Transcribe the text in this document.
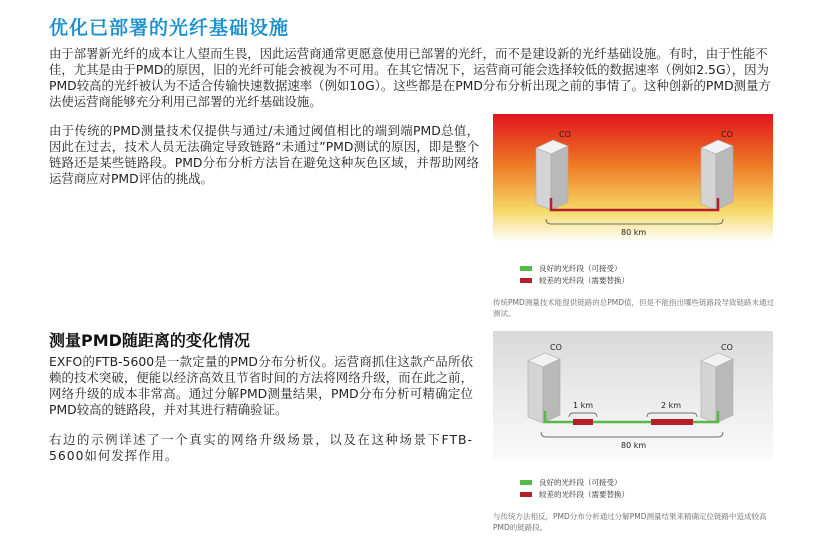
优化已部署的光纤基础设施

由于部署新光纤的成本让人望而生畏，因此运营商通常更愿意使用已部署的光纤，而不是建设新的光纤基础设施。有时，由于性能不佳，尤其是由于PMD的原因，旧的光纤可能会被视为不可用。在其它情况下，运营商可能会选择较低的数据速率（例如2.5G），因为PMD较高的光纤被认为不适合传输快速数据速率（例如10G）。这些都是在PMD分布分析出现之前的事情了。这种创新的PMD测量方法使运营商能够充分利用已部署的光纤基础设施。

由于传统的PMD测量技术仅提供与通过/未通过阈值相比的端到端PMD总值，因此在过去，技术人员无法确定导致链路“未通过”PMD测试的原因，即是整个链路还是某些链路段。PMD分布分析方法旨在避免这种灰色区域，并帮助网络运营商应对PMD评估的挑战。

测量PMD随距离的变化情况

EXFO的FTB-5600是一款定量的PMD分布分析仪。运营商抓住这款产品所依赖的技术突破，便能以经济高效且节省时间的方法将网络升级，而在此之前，网络升级的成本非常高。通过分解PMD测量结果，PMD分布分析可精确定位PMD较高的链路段，并对其进行精确验证。

右边的示例详述了一个真实的网络升级场景，以及在这种场景下FTB-5600如何发挥作用。

CO	CO
80 km
良好的光纤段（可接受）
较差的光纤段（需要替换）
传统PMD测量技术能提供链路的总PMD值，但是不能指出哪些链路段导致链路未通过测试。
CO	CO
1 km	2 km
80 km
良好的光纤段（可接受）
较差的光纤段（需要替换）
与传统方法相反，PMD分布分析通过分解PMD测量结果来精确定位链路中造成较高PMD的链路段。
